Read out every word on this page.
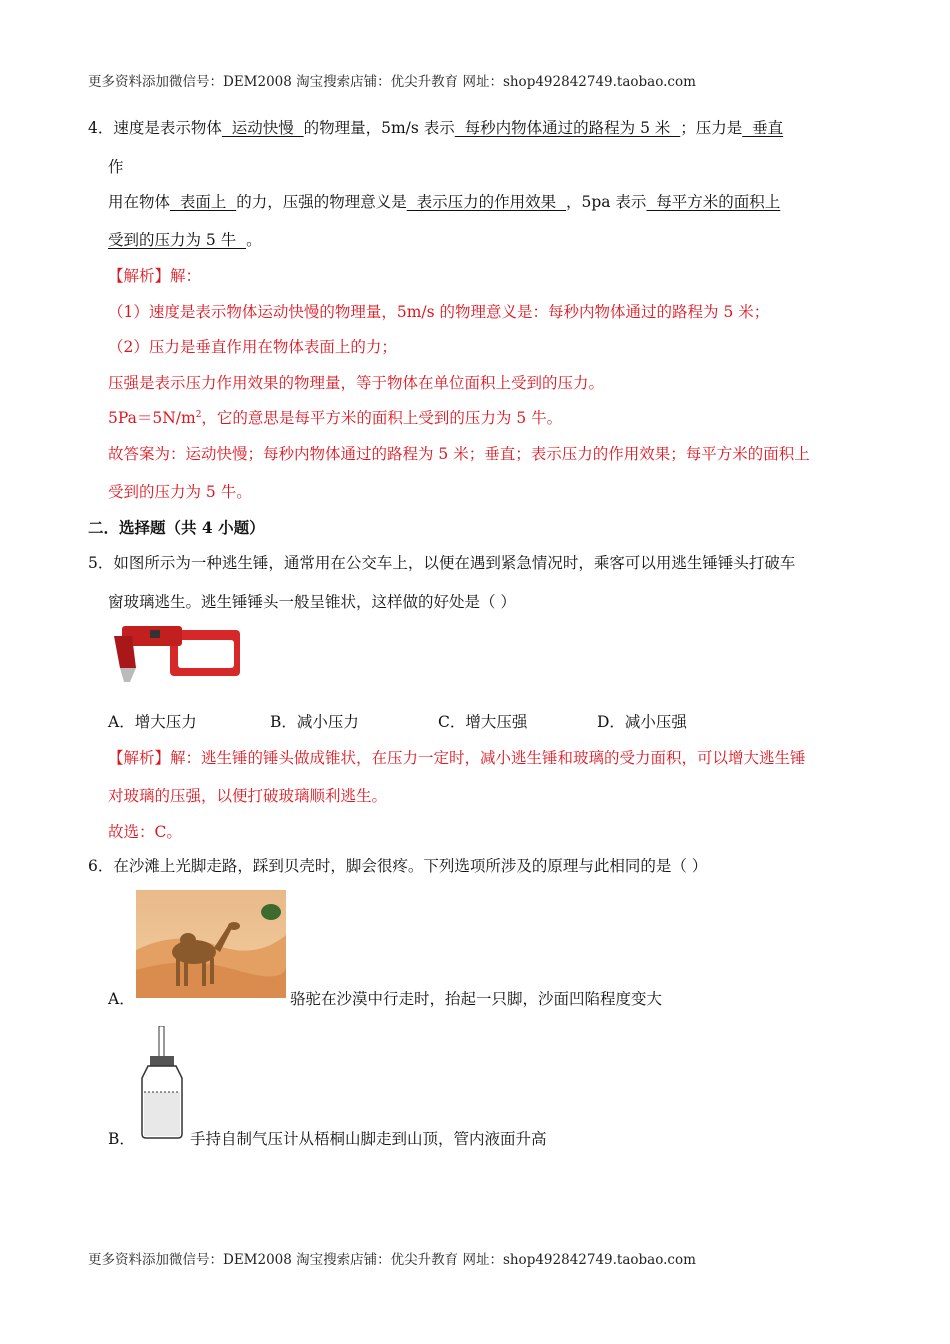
更多资料添加微信号：DEM2008 淘宝搜索店铺：优尖升教育 网址：shop492842749.taobao.com
4．速度是表示物体  运动快慢  的物理量，5m/s 表示  每秒内物体通过的路程为 5 米  ；压力是  垂直
作
用在物体  表面上  的力，压强的物理意义是  表示压力的作用效果  ，5pa 表示  每平方米的面积上
受到的压力为 5 牛  。
【解析】解：
（1）速度是表示物体运动快慢的物理量，5m/s 的物理意义是：每秒内物体通过的路程为 5 米；
（2）压力是垂直作用在物体表面上的力；
压强是表示压力作用效果的物理量，等于物体在单位面积上受到的压力。
$5Pa=5N/m^2$，它的意思是每平方米的面积上受到的压力为 5 牛。
故答案为：运动快慢；每秒内物体通过的路程为 5 米；垂直；表示压力的作用效果；每平方米的面积上
受到的压力为 5 牛。
二．选择题（共 4 小题）
5．如图所示为一种逃生锤，通常用在公交车上，以便在遇到紧急情况时，乘客可以用逃生锤锤头打破车
窗玻璃逃生。逃生锤锤头一般呈锥状，这样做的好处是（ ）
A．增大压力	B．减小压力	C．增大压强	D．减小压强
【解析】解：逃生锤的锤头做成锥状，在压力一定时，减小逃生锤和玻璃的受力面积，可以增大逃生锤
对玻璃的压强，以便打破玻璃顺利逃生。
故选：C。
6．在沙滩上光脚走路，踩到贝壳时，脚会很疼。下列选项所涉及的原理与此相同的是（ ）
A．	骆驼在沙漠中行走时，抬起一只脚，沙面凹陷程度变大
B．	手持自制气压计从梧桐山脚走到山顶，管内液面升高
更多资料添加微信号：DEM2008 淘宝搜索店铺：优尖升教育 网址：shop492842749.taobao.com
